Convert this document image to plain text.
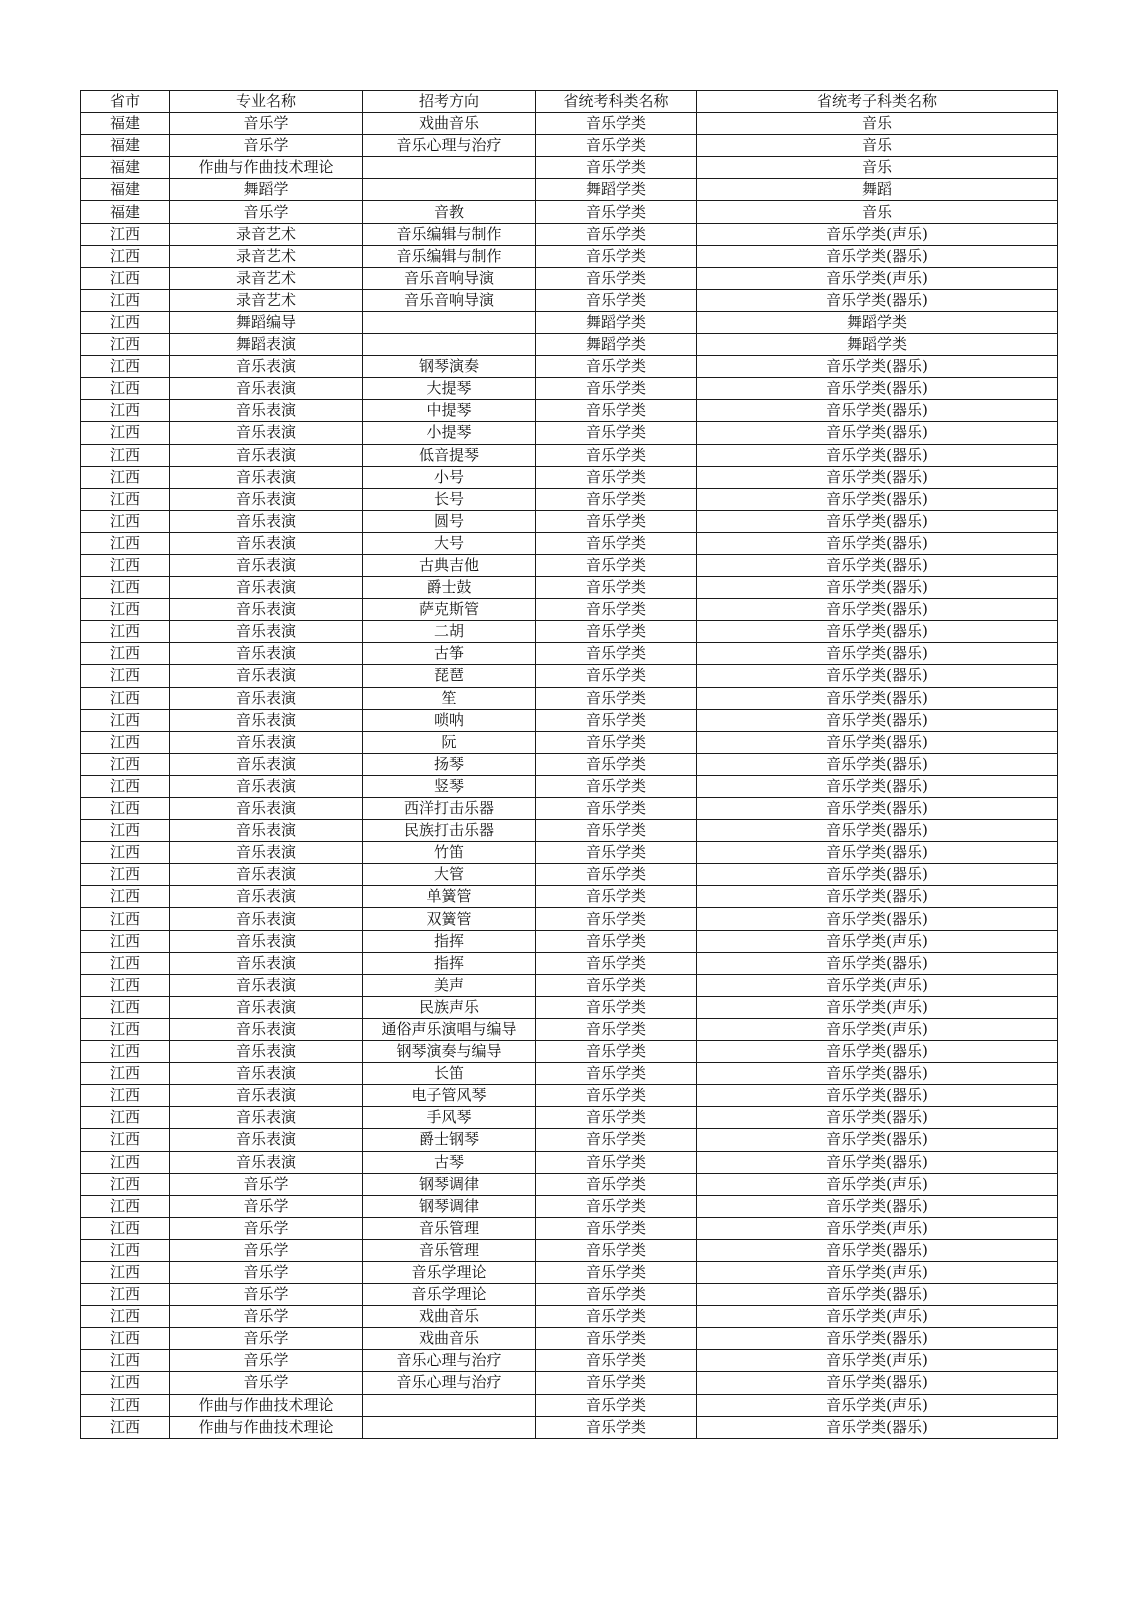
省市	专业名称	招考方向	省统考科类名称	省统考子科类名称
福建	音乐学	戏曲音乐	音乐学类	音乐
福建	音乐学	音乐心理与治疗	音乐学类	音乐
福建	作曲与作曲技术理论		音乐学类	音乐
福建	舞蹈学		舞蹈学类	舞蹈
福建	音乐学	音教	音乐学类	音乐
江西	录音艺术	音乐编辑与制作	音乐学类	音乐学类(声乐)
江西	录音艺术	音乐编辑与制作	音乐学类	音乐学类(器乐)
江西	录音艺术	音乐音响导演	音乐学类	音乐学类(声乐)
江西	录音艺术	音乐音响导演	音乐学类	音乐学类(器乐)
江西	舞蹈编导		舞蹈学类	舞蹈学类
江西	舞蹈表演		舞蹈学类	舞蹈学类
江西	音乐表演	钢琴演奏	音乐学类	音乐学类(器乐)
江西	音乐表演	大提琴	音乐学类	音乐学类(器乐)
江西	音乐表演	中提琴	音乐学类	音乐学类(器乐)
江西	音乐表演	小提琴	音乐学类	音乐学类(器乐)
江西	音乐表演	低音提琴	音乐学类	音乐学类(器乐)
江西	音乐表演	小号	音乐学类	音乐学类(器乐)
江西	音乐表演	长号	音乐学类	音乐学类(器乐)
江西	音乐表演	圆号	音乐学类	音乐学类(器乐)
江西	音乐表演	大号	音乐学类	音乐学类(器乐)
江西	音乐表演	古典吉他	音乐学类	音乐学类(器乐)
江西	音乐表演	爵士鼓	音乐学类	音乐学类(器乐)
江西	音乐表演	萨克斯管	音乐学类	音乐学类(器乐)
江西	音乐表演	二胡	音乐学类	音乐学类(器乐)
江西	音乐表演	古筝	音乐学类	音乐学类(器乐)
江西	音乐表演	琵琶	音乐学类	音乐学类(器乐)
江西	音乐表演	笙	音乐学类	音乐学类(器乐)
江西	音乐表演	唢呐	音乐学类	音乐学类(器乐)
江西	音乐表演	阮	音乐学类	音乐学类(器乐)
江西	音乐表演	扬琴	音乐学类	音乐学类(器乐)
江西	音乐表演	竖琴	音乐学类	音乐学类(器乐)
江西	音乐表演	西洋打击乐器	音乐学类	音乐学类(器乐)
江西	音乐表演	民族打击乐器	音乐学类	音乐学类(器乐)
江西	音乐表演	竹笛	音乐学类	音乐学类(器乐)
江西	音乐表演	大管	音乐学类	音乐学类(器乐)
江西	音乐表演	单簧管	音乐学类	音乐学类(器乐)
江西	音乐表演	双簧管	音乐学类	音乐学类(器乐)
江西	音乐表演	指挥	音乐学类	音乐学类(声乐)
江西	音乐表演	指挥	音乐学类	音乐学类(器乐)
江西	音乐表演	美声	音乐学类	音乐学类(声乐)
江西	音乐表演	民族声乐	音乐学类	音乐学类(声乐)
江西	音乐表演	通俗声乐演唱与编导	音乐学类	音乐学类(声乐)
江西	音乐表演	钢琴演奏与编导	音乐学类	音乐学类(器乐)
江西	音乐表演	长笛	音乐学类	音乐学类(器乐)
江西	音乐表演	电子管风琴	音乐学类	音乐学类(器乐)
江西	音乐表演	手风琴	音乐学类	音乐学类(器乐)
江西	音乐表演	爵士钢琴	音乐学类	音乐学类(器乐)
江西	音乐表演	古琴	音乐学类	音乐学类(器乐)
江西	音乐学	钢琴调律	音乐学类	音乐学类(声乐)
江西	音乐学	钢琴调律	音乐学类	音乐学类(器乐)
江西	音乐学	音乐管理	音乐学类	音乐学类(声乐)
江西	音乐学	音乐管理	音乐学类	音乐学类(器乐)
江西	音乐学	音乐学理论	音乐学类	音乐学类(声乐)
江西	音乐学	音乐学理论	音乐学类	音乐学类(器乐)
江西	音乐学	戏曲音乐	音乐学类	音乐学类(声乐)
江西	音乐学	戏曲音乐	音乐学类	音乐学类(器乐)
江西	音乐学	音乐心理与治疗	音乐学类	音乐学类(声乐)
江西	音乐学	音乐心理与治疗	音乐学类	音乐学类(器乐)
江西	作曲与作曲技术理论		音乐学类	音乐学类(声乐)
江西	作曲与作曲技术理论		音乐学类	音乐学类(器乐)
